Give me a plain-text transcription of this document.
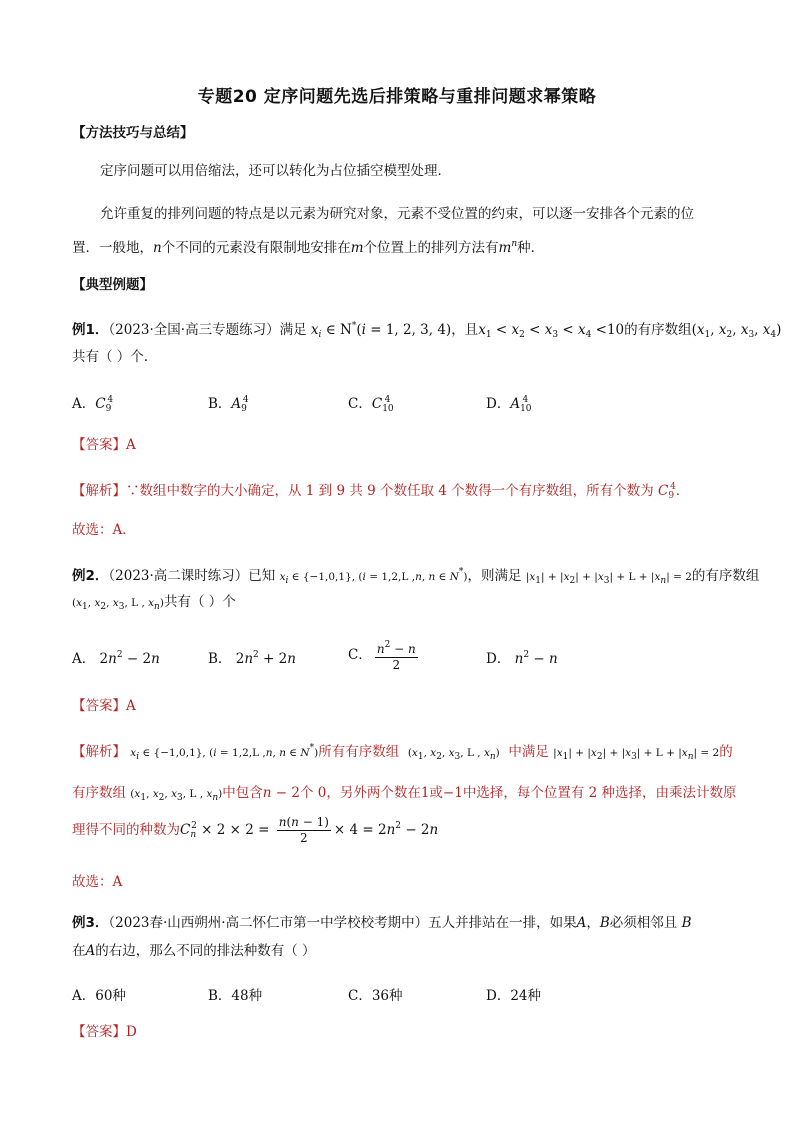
专题20 定序问题先选后排策略与重排问题求幂策略
【方法技巧与总结】
定序问题可以用倍缩法，还可以转化为占位插空模型处理．
允许重复的排列问题的特点是以元素为研究对象，元素不受位置的约束，可以逐一安排各个元素的位
置．一般地，n个不同的元素没有限制地安排在m个位置上的排列方法有$m^n$种．
【典型例题】
例1．（2023·全国·高三专题练习）满足 $x_i$ ∈ N*(i = 1, 2, 3, 4)，且$x_1 < x_2 < x_3 < x_4 <10$的有序数组($x_1$, $x_2$, $x_3$, $x_4$)
共有（ ）个.
A．$C_9^4$	B．$A_9^4$	C．$C_{10}^4$	D．$A_{10}^4$
【答案】A
【解析】∵数组中数字的大小确定，从 1 到 9 共 9 个数任取 4 个数得一个有序数组，所有个数为 $C_9^4$．
故选：A．
例2．（2023·高二课时练习）已知 xi ∈ {−1,0,1}, (i = 1,2,L ,n, n ∈ N*)，则满足 |x1| + |x2| + |x3| + L + |xn| = 2的有序数组
(x1, x2, x3, L , xn)共有（ ）个
A． $2n^2 - 2n$	B． $2n^2 + 2n$	C． $\frac{n^2 - n}{2}$	D． $n^2 - n$
【答案】A
【解析】 xi ∈ {−1,0,1}, (i = 1,2,L ,n, n ∈ N*)所有有序数组 (x1, x2, x3, L , xn) 中满足 |x1| + |x2| + |x3| + L + |xn| = 2的
有序数组 (x1, x2, x3, L , xn)中包含n − 2个 0，另外两个数在1或−1中选择，每个位置有 2 种选择，由乘法计数原
理得不同的种数为$C_n^2 \times 2 \times 2 = \frac{n(n - 1)}{2} \times 4 = 2n^2 - 2n$
故选：A
例3．（2023春·山西朔州·高二怀仁市第一中学校校考期中）五人并排站在一排，如果A，B必须相邻且 B
在A的右边，那么不同的排法种数有（ ）
A．60种	B．48种	C．36种	D．24种
【答案】D
